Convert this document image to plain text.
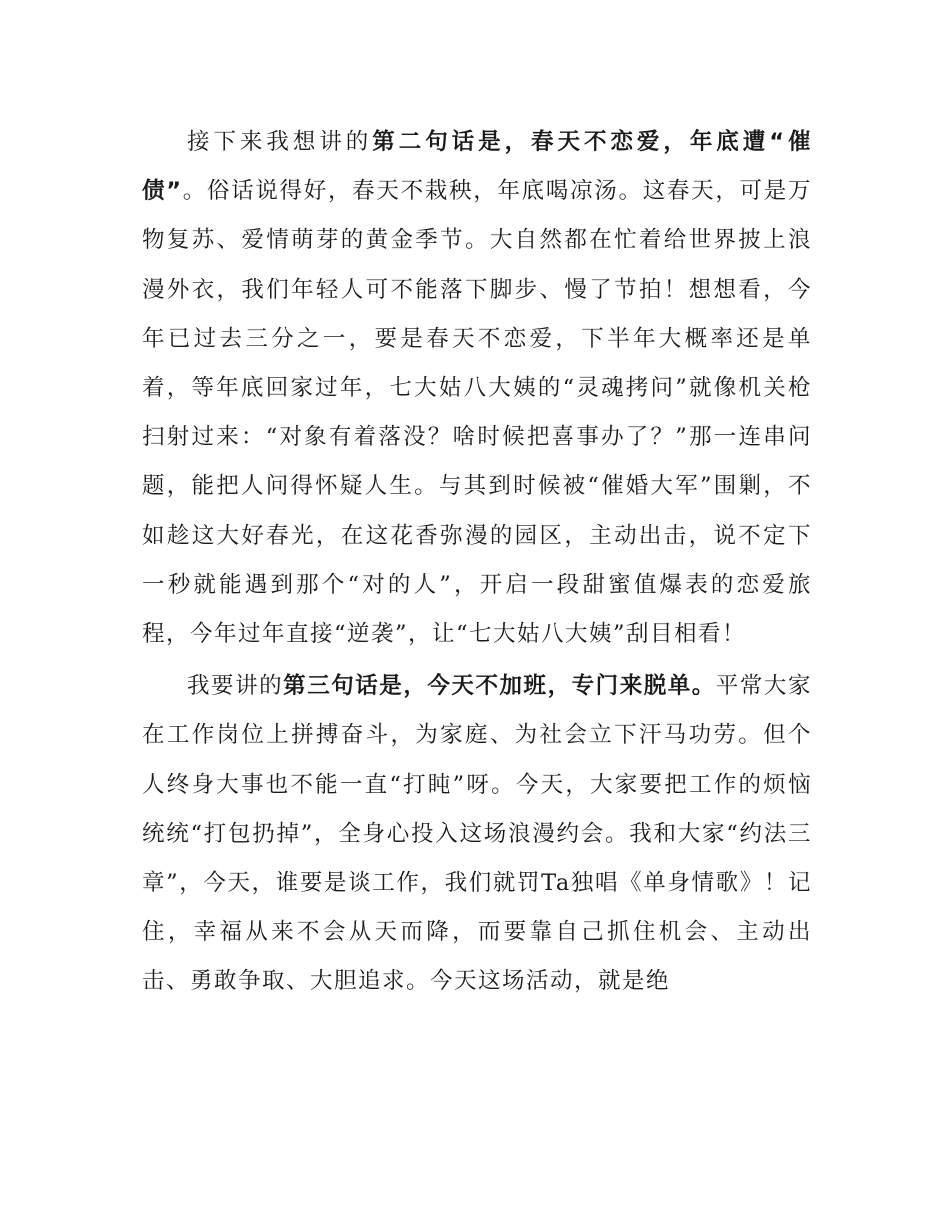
接下来我想讲的第二句话是，春天不恋爱，年底遭“催债”。俗话说得好，春天不栽秧，年底喝凉汤。这春天，可是万物复苏、爱情萌芽的黄金季节。大自然都在忙着给世界披上浪漫外衣，我们年轻人可不能落下脚步、慢了节拍！想想看，今年已过去三分之一，要是春天不恋爱，下半年大概率还是单着，等年底回家过年，七大姑八大姨的“灵魂拷问”就像机关枪扫射过来：“对象有着落没？啥时候把喜事办了？”那一连串问题，能把人问得怀疑人生。与其到时候被“催婚大军”围剿，不如趁这大好春光，在这花香弥漫的园区，主动出击，说不定下一秒就能遇到那个“对的人”，开启一段甜蜜值爆表的恋爱旅程，今年过年直接“逆袭”，让“七大姑八大姨”刮目相看！

我要讲的第三句话是，今天不加班，专门来脱单。平常大家在工作岗位上拼搏奋斗，为家庭、为社会立下汗马功劳。但个人终身大事也不能一直“打盹”呀。今天，大家要把工作的烦恼统统“打包扔掉”，全身心投入这场浪漫约会。我和大家“约法三章”，今天，谁要是谈工作，我们就罚Ta独唱《单身情歌》！记住，幸福从来不会从天而降，而要靠自己抓住机会、主动出击、勇敢争取、大胆追求。今天这场活动，就是绝
